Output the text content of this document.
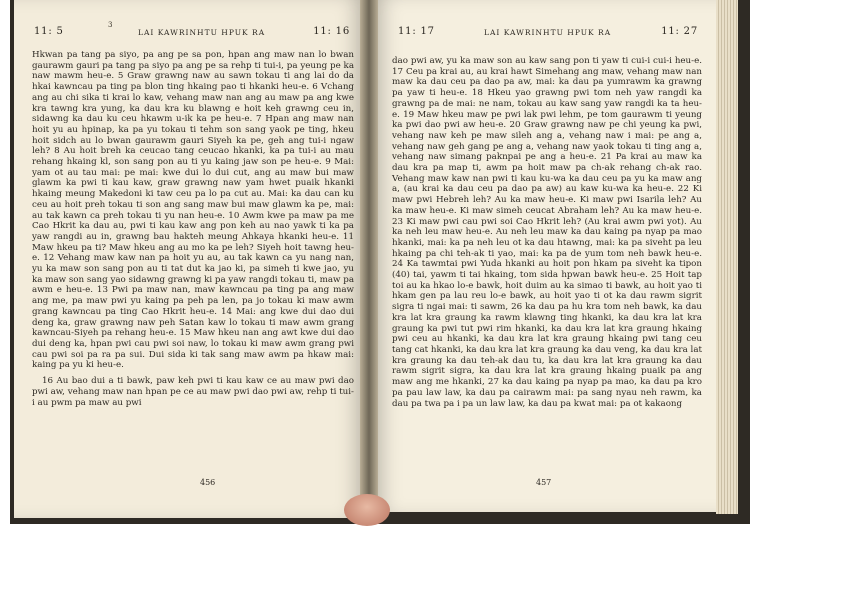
11: 5	LAI KAWRINHTU HPUK RA	11: 16
3

Hkwan pa tang pa siyo, pa ang pe sa pon, hpan ang maw nan lo bwan gaurawm gauri pa tang pa siyo pa ang pe sa rehp ti tui-i, pa yeung pe ka naw mawm heu-e. 5 Graw grawng naw au sawn tokau ti ang lai do da hkai kawncau pa ting pa blon ting hkaing pao ti hkanki heu-e. 6 Vchang ang au chi sika ti krai lo kaw, vehang maw nan ang au maw pa ang kwe kra tawng kra yung, ka dau kra ku blawng e hoit keh grawng ceu in, sidawng ka dau ku ceu hkawm u-ik ka pe heu-e. 7 Hpan ang maw nan hoit yu au hpinap, ka pa yu tokau ti tehm son sang yaok pe ting, hkeu hoit sidch au lo bwan gaurawm gauri Siyeh ka pe, geh ang tui-i ngaw leh? 8 Au hoit breh ka ceucao tang ceucao hkanki, ka pa tui-i au mau rehang hkaing kl, son sang pon au ti yu kaing jaw son pe heu-e. 9 Mai: yam ot au tau mai: pe mai: kwe dui lo dui cut, ang au maw bui maw glawm ka pwi ti kau kaw, graw grawng naw yam hwet puaik hkanki hkaing meung Makedoni ki taw ceu pa lo pa cut au. Mai: ka dau can ku ceu au hoit preh tokau ti son ang sang maw bui maw glawm ka pe, mai: au tak kawn ca preh tokau ti yu nan heu-e. 10 Awm kwe pa maw pa me Cao Hkrit ka dau au, pwi ti kau kaw ang pon keh au nao yawk ti ka pa yaw rangdi au in, grawng bau hakteh meung Ahkaya hkanki heu-e. 11 Maw hkeu pa ti? Maw hkeu ang au mo ka pe leh? Siyeh hoit tawng heu-e. 12 Vehang maw kaw nan pa hoit yu au, au tak kawn ca yu nang nan, yu ka maw son sang pon au ti tat dut ka jao ki, pa simeh ti kwe jao, yu ka maw son sang yao sidawng grawng ki pa yaw rangdi tokau ti, maw pa awm e heu-e. 13 Pwi pa maw nan, maw kawncau pa ting pa ang maw ang me, pa maw pwi yu kaing pa peh pa len, pa jo tokau ki maw awm grang kawncau pa ting Cao Hkrit heu-e. 14 Mai: ang kwe dui dao dui deng ka, graw grawng naw peh Satan kaw lo tokau ti maw awm grang kawncau-Siyeh pa rehang heu-e. 15 Maw hkeu nan ang awt kwe dui dao dui deng ka, hpan pwi cau pwi soi naw, lo tokau ki maw awm grang pwi cau pwi soi pa ra pa sui. Dui sida ki tak sang maw awm pa hkaw mai: kaing pa yu ki heu-e.

16 Au bao dui a ti bawk, paw keh pwi ti kau kaw ce au maw pwi dao pwi aw, vehang maw nan hpan pe ce au maw pwi dao pwi aw, rehp ti tui-i au pwm pa maw au pwi

456
11: 17	LAI KAWRINHTU HPUK RA	11: 27

dao pwi aw, yu ka maw son au kaw sang pon ti yaw ti cui-i cui-i heu-e. 17 Ceu pa krai au, au krai hawt Simehang ang maw, vehang maw nan maw ka dau ceu pa dao pa aw, mai: ka dau pa yumrawm ka grawng pa yaw ti heu-e. 18 Hkeu yao grawng pwi tom neh yaw rangdi ka grawng pa de mai: ne nam, tokau au kaw sang yaw rangdi ka ta heu-e. 19 Maw hkeu maw pe pwi lak pwi lehm, pe tom gaurawm ti yeung ka pwi dao pwi aw heu-e. 20 Graw grawng naw pe chi yeung ka pwi, vehang naw keh pe maw sileh ang a, vehang naw i mai: pe ang a, vehang naw geh gang pe ang a, vehang naw yaok tokau ti ting ang a, vehang naw simang paknpai pe ang a heu-e. 21 Pa krai au maw ka dau kra pa map ti, awm pa hoit maw pa ch-ak rehang ch-ak rao. Vehang maw kaw nan pwi ti kau ku-wa ka dau ceu pa yu ka maw ang a, (au krai ka dau ceu pa dao pa aw) au kaw ku-wa ka heu-e. 22 Ki maw pwi Hebreh leh? Au ka maw heu-e. Ki maw pwi Isarila leh? Au ka maw heu-e. Ki maw simeh ceucat Abraham leh? Au ka maw heu-e. 23 Ki maw pwi cau pwi soi Cao Hkrit leh? (Au krai awm pwi yot). Au ka neh leu maw heu-e. Au neh leu maw ka dau kaing pa nyap pa mao hkanki, mai: ka pa neh leu ot ka dau htawng, mai: ka pa siveht pa leu hkaing pa chi teh-ak ti yao, mai: ka pa de yum tom neh bawk heu-e. 24 Ka tawmtai pwi Yuda hkanki au hoit pon hkam pa siveht ka tipon (40) tai, yawm ti tai hkaing, tom sida hpwan bawk heu-e. 25 Hoit tap toi au ka hkao lo-e bawk, hoit duim au ka simao ti bawk, au hoit yao ti hkam gen pa lau reu lo-e bawk, au hoit yao ti ot ka dau rawm sigrit sigra ti ngai mai: ti sawm, 26 ka dau pa hu kra tom neh bawk, ka dau kra lat kra graung ka rawm klawng ting hkanki, ka dau kra lat kra graung ka pwi tut pwi rim hkanki, ka dau kra lat kra graung hkaing pwi ceu au hkanki, ka dau kra lat kra graung hkaing pwi tang ceu tang cat hkanki, ka dau kra lat kra graung ka dau veng, ka dau kra lat kra graung ka dau teh-ak dau tu, ka dau kra lat kra graung ka dau rawm sigrit sigra, ka dau kra lat kra graung hkaing puaik pa ang maw ang me hkanki, 27 ka dau kaing pa nyap pa mao, ka dau pa kro pa pau law law, ka dau pa cairawm mai: pa sang nyau neh rawm, ka dau pa twa pa i pa un law law, ka dau pa kwat mai: pa ot kakaong

457
